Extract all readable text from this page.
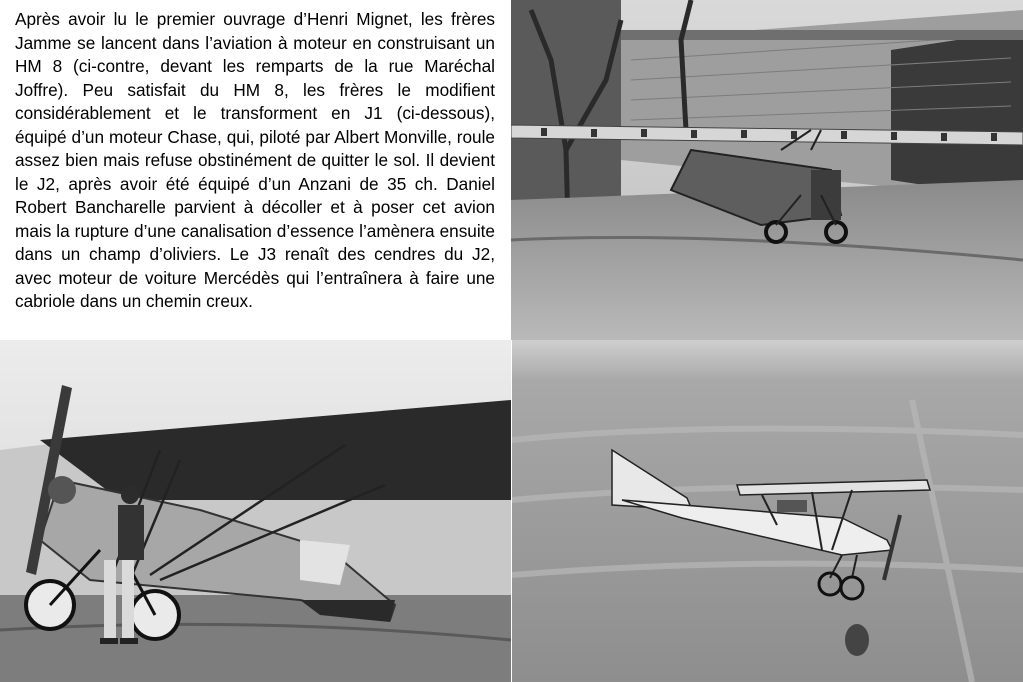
Après avoir lu le premier ouvrage d’Henri Mignet, les frères Jamme se lancent dans l’aviation à moteur en construisant un HM 8 (ci-contre, devant les remparts de la rue Maréchal Joffre). Peu satisfait du HM 8, les frères le modifient considérablement et le transforment en J1 (ci-dessous), équipé d’un moteur Chase, qui, piloté par Albert Monville, roule assez bien mais refuse obstinément de quitter le sol. Il devient le J2, après avoir été équipé d’un Anzani de 35 ch. Daniel Robert Bancharelle parvient à décoller et à poser cet avion mais la rupture d’une canalisation d’essence l’amènera ensuite dans un champ d’oliviers. Le J3 renaît des cendres du J2, avec moteur de voiture Mercédès qui l’entraînera à faire une cabriole dans un chemin creux.
